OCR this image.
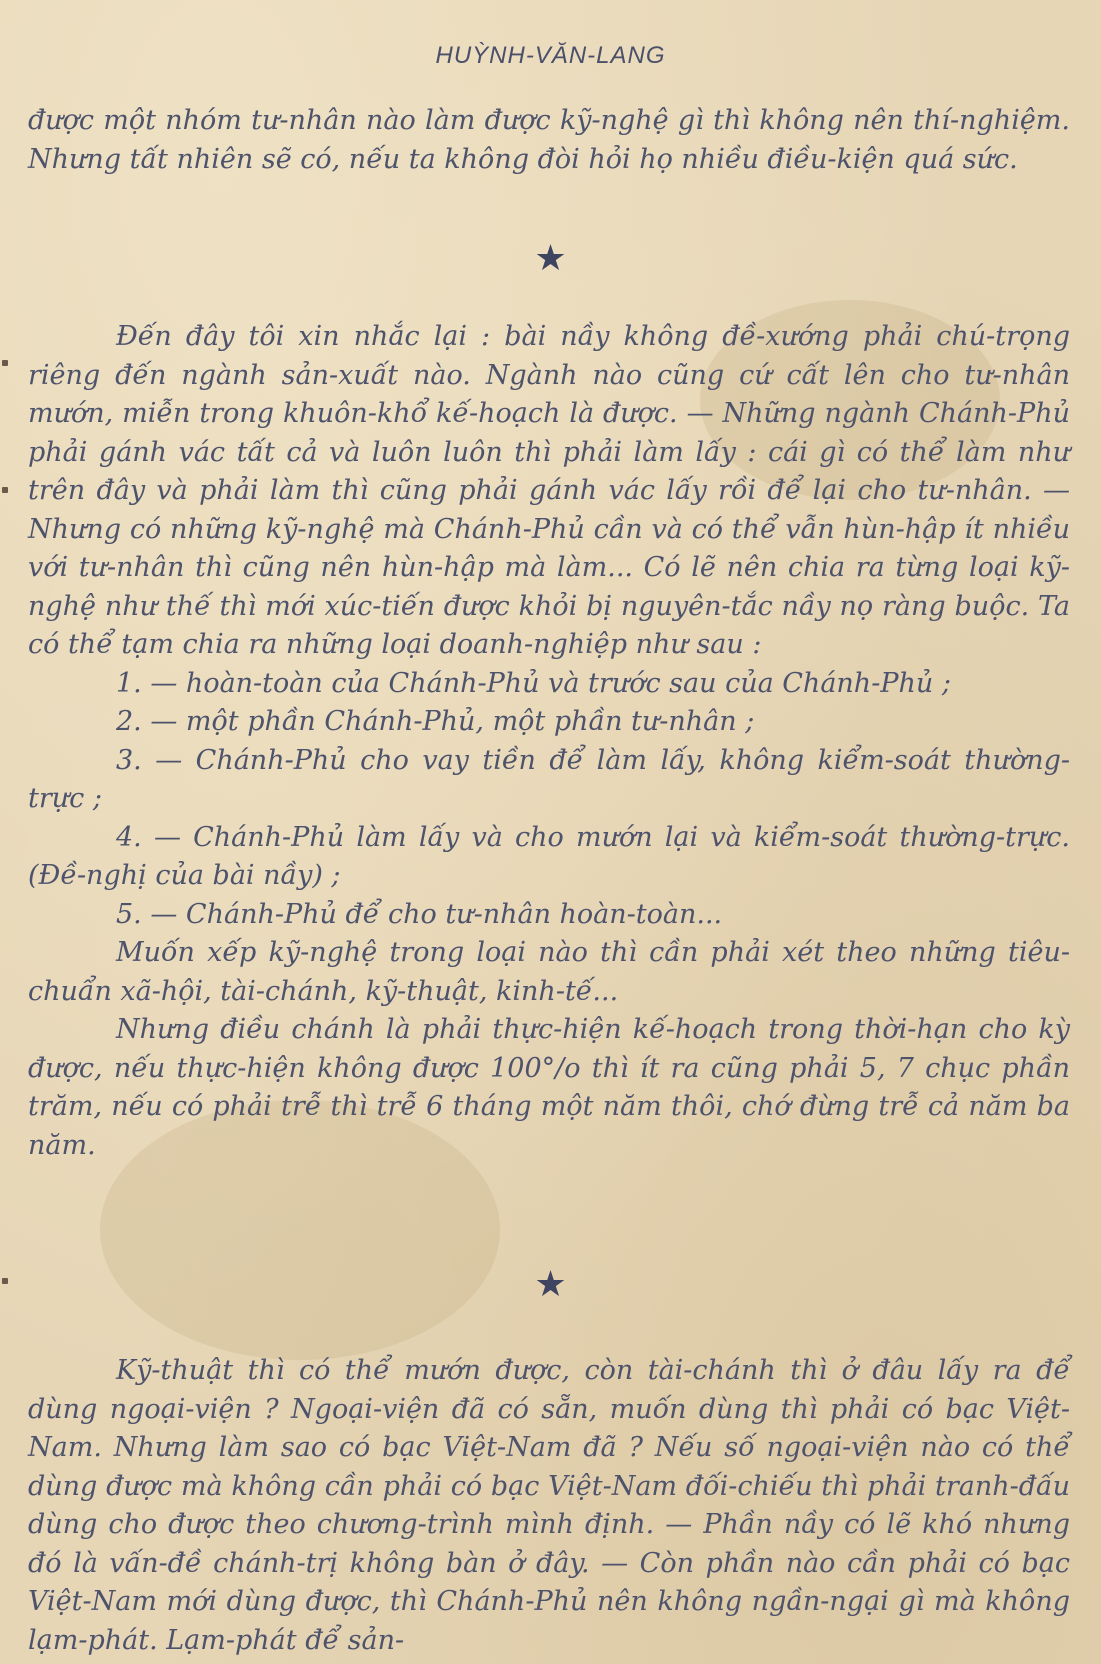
HUỲNH-VĂN-LANG

được một nhóm tư-nhân nào làm được kỹ-nghệ gì thì không nên thí-nghiệm. Nhưng tất nhiên sẽ có, nếu ta không đòi hỏi họ nhiều điều-kiện quá sức.

★

Đến đây tôi xin nhắc lại : bài nầy không đề-xướng phải chú-trọng riêng đến ngành sản-xuất nào. Ngành nào cũng cứ cất lên cho tư-nhân mướn, miễn trong khuôn-khổ kế-hoạch là được. — Những ngành Chánh-Phủ phải gánh vác tất cả và luôn luôn thì phải làm lấy : cái gì có thể làm như trên đây và phải làm thì cũng phải gánh vác lấy rồi để lại cho tư-nhân. — Nhưng có những kỹ-nghệ mà Chánh-Phủ cần và có thể vẫn hùn-hập ít nhiều với tư-nhân thì cũng nên hùn-hập mà làm... Có lẽ nên chia ra từng loại kỹ-nghệ như thế thì mới xúc-tiến được khỏi bị nguyên-tắc nầy nọ ràng buộc. Ta có thể tạm chia ra những loại doanh-nghiệp như sau :

1. — hoàn-toàn của Chánh-Phủ và trước sau của Chánh-Phủ ;

2. — một phần Chánh-Phủ, một phần tư-nhân ;

3. — Chánh-Phủ cho vay tiền để làm lấy, không kiểm-soát thường-trực ;

4. — Chánh-Phủ làm lấy và cho mướn lại và kiểm-soát thường-trực. (Đề-nghị của bài nầy) ;

5. — Chánh-Phủ để cho tư-nhân hoàn-toàn...

Muốn xếp kỹ-nghệ trong loại nào thì cần phải xét theo những tiêu-chuẩn xã-hội, tài-chánh, kỹ-thuật, kinh-tế...

Nhưng điều chánh là phải thực-hiện kế-hoạch trong thời-hạn cho kỳ được, nếu thực-hiện không được 100°/o thì ít ra cũng phải 5, 7 chục phần trăm, nếu có phải trễ thì trễ 6 tháng một năm thôi, chớ đừng trễ cả năm ba năm.

★

Kỹ-thuật thì có thể mướn được, còn tài-chánh thì ở đâu lấy ra để dùng ngoại-viện ? Ngoại-viện đã có sẵn, muốn dùng thì phải có bạc Việt-Nam. Nhưng làm sao có bạc Việt-Nam đã ? Nếu số ngoại-viện nào có thể dùng được mà không cần phải có bạc Việt-Nam đối-chiếu thì phải tranh-đấu dùng cho được theo chương-trình mình định. — Phần nầy có lẽ khó nhưng đó là vấn-đề chánh-trị không bàn ở đây. — Còn phần nào cần phải có bạc Việt-Nam mới dùng được, thì Chánh-Phủ nên không ngần-ngại gì mà không lạm-phát. Lạm-phát để sản-
